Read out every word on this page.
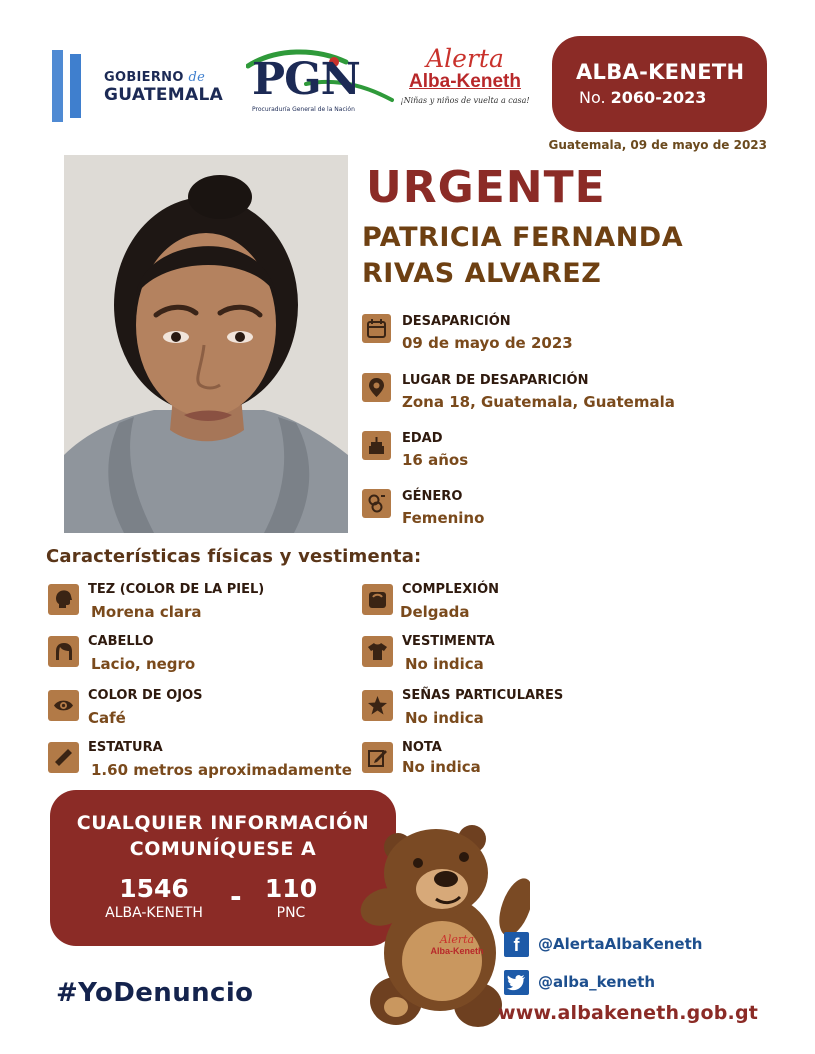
GOBIERNO de
GUATEMALA PGN
Procuraduría General de la Nación
Alerta
Alba-Keneth
¡Niñas y niños de vuelta a casa!
ALBA-KENETH
No. 2060-2023
Guatemala, 09 de mayo de 2023
URGENTE
PATRICIA FERNANDA
RIVAS ALVAREZ
DESAPARICIÓN
09 de mayo de 2023
LUGAR DE DESAPARICIÓN
Zona 18, Guatemala, Guatemala
EDAD
16 años
GÉNERO
Femenino
Características físicas y vestimenta:
TEZ (COLOR DE LA PIEL)
Morena clara
COMPLEXIÓN
Delgada
CABELLO
Lacio, negro
VESTIMENTA
No indica
COLOR DE OJOS
Café
SEÑAS PARTICULARES
No indica
ESTATURA
1.60 metros aproximadamente
NOTA
No indica
CUALQUIER INFORMACIÓN
COMUNÍQUESE A
1546
ALBA-KENETH - 110
PNC
#YoDenuncio
Alerta
Alba-Keneth	f	@AlertaAlbaKeneth
@alba_keneth
www.albakeneth.gob.gt
